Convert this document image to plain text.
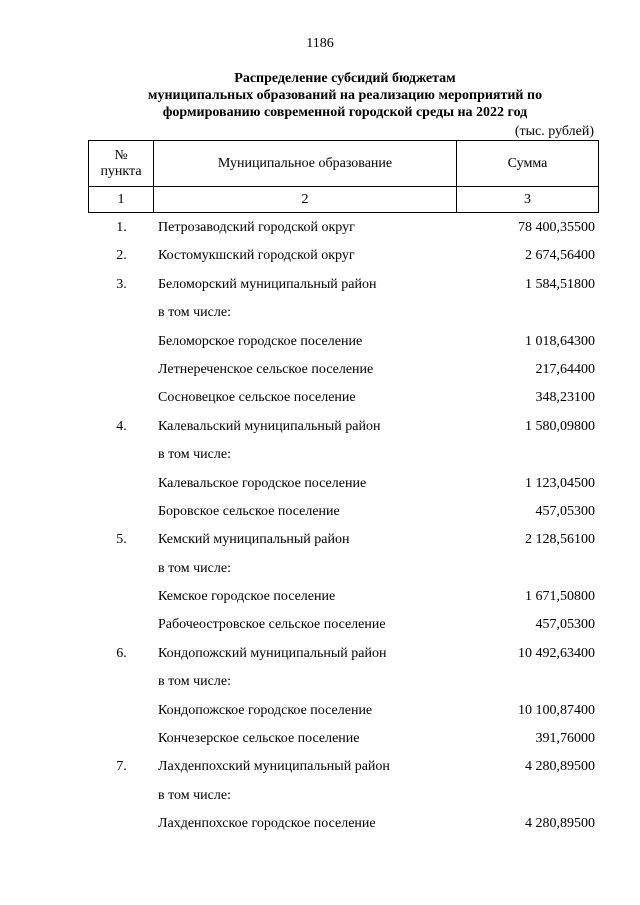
1186
Распределение субсидий бюджетам
муниципальных образований на реализацию мероприятий по
формированию современной городской среды на 2022 год
(тыс. рублей)
№
пункта	Муниципальное образование	Сумма
1	2	3
1.	Петрозаводский городской округ	78 400,35500
2.	Костомукшский городской округ	2 674,56400
3.	Беломорский муниципальный район	1 584,51800
в том числе:
Беломорское городское поселение	1 018,64300
Летнереченское сельское поселение	217,64400
Сосновецкое сельское поселение	348,23100
4.	Калевальский муниципальный район	1 580,09800
в том числе:
Калевальское городское поселение	1 123,04500
Боровское сельское поселение	457,05300
5.	Кемский муниципальный район	2 128,56100
в том числе:
Кемское городское поселение	1 671,50800
Рабочеостровское сельское поселение	457,05300
6.	Кондопожский муниципальный район	10 492,63400
в том числе:
Кондопожское городское поселение	10 100,87400
Кончезерское сельское поселение	391,76000
7.	Лахденпохский муниципальный район	4 280,89500
в том числе:
Лахденпохское городское поселение	4 280,89500
